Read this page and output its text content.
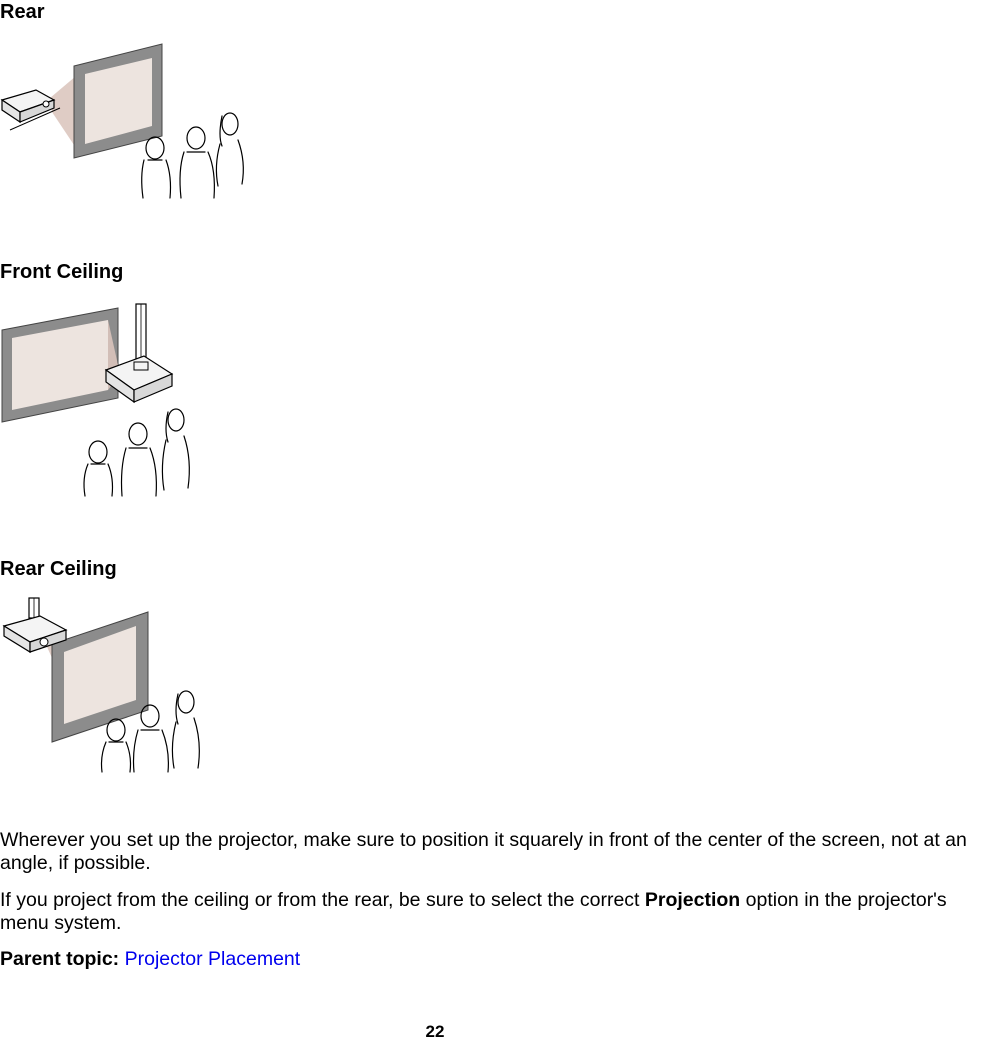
Rear
Front Ceiling
Rear Ceiling

Wherever you set up the projector, make sure to position it squarely in front of the center of the screen, not at an angle, if possible.

If you project from the ceiling or from the rear, be sure to select the correct Projection option in the projector's menu system.

Parent topic: Projector Placement

22
